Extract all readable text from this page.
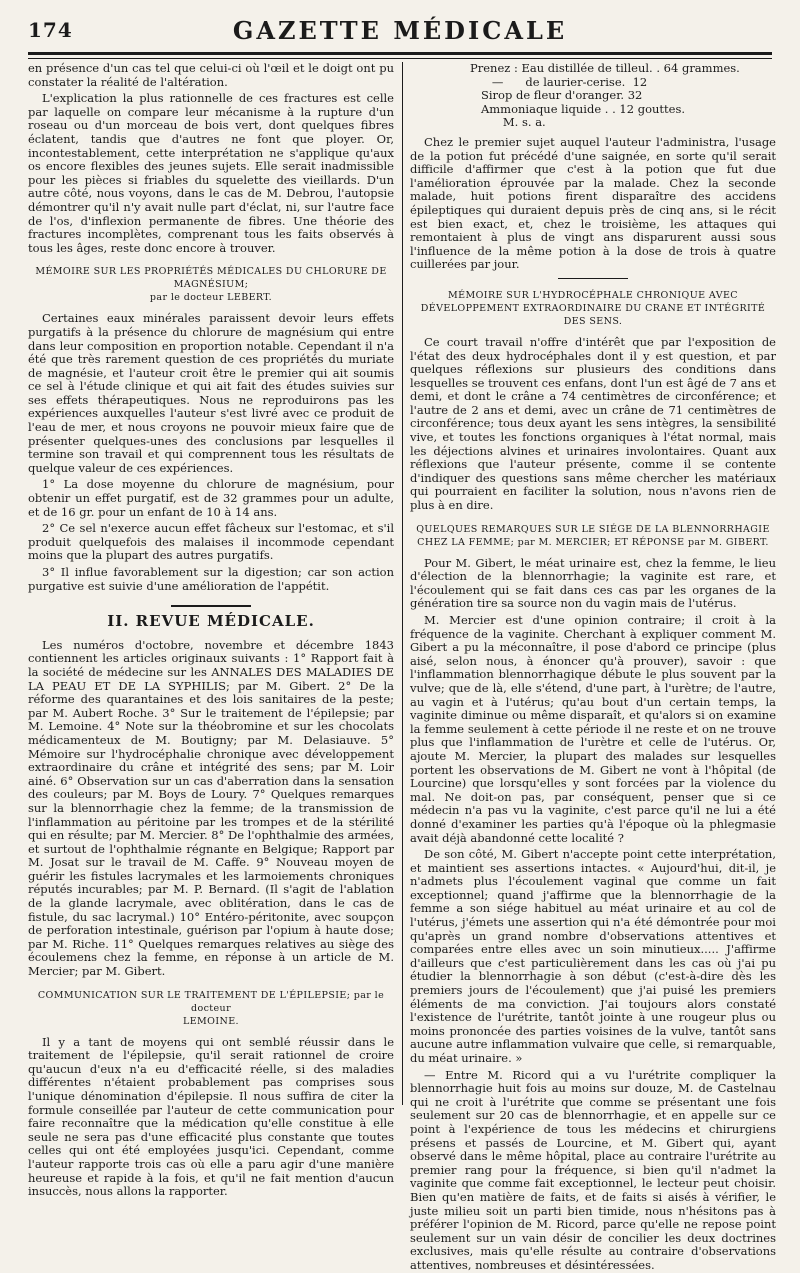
174	GAZETTE MÉDICALE

en présence d'un cas tel que celui-ci où l'œil et le doigt ont pu constater la réalité de l'altération.

L'explication la plus rationnelle de ces fractures est celle par laquelle on compare leur mécanisme à la rupture d'un roseau ou d'un morceau de bois vert, dont quelques fibres éclatent, tandis que d'autres ne font que ployer. Or, incontestablement, cette interprétation ne s'applique qu'aux os encore flexibles des jeunes sujets. Elle serait inadmissible pour les pièces si friables du squelette des vieillards. D'un autre côté, nous voyons, dans le cas de M. Debrou, l'autopsie démontrer qu'il n'y avait nulle part d'éclat, ni, sur l'autre face de l'os, d'inflexion permanente de fibres. Une théorie des fractures incomplètes, comprenant tous les faits observés à tous les âges, reste donc encore à trouver.

MÉMOIRE SUR LES PROPRIÉTÉS MÉDICALES DU CHLORURE DE MAGNÉSIUM;
par le docteur LEBERT.

Certaines eaux minérales paraissent devoir leurs effets purgatifs à la présence du chlorure de magnésium qui entre dans leur composition en proportion notable. Cependant il n'a été que très rarement question de ces propriétés du muriate de magnésie, et l'auteur croit être le premier qui ait soumis ce sel à l'étude clinique et qui ait fait des études suivies sur ses effets thérapeutiques. Nous ne reproduirons pas les expériences auxquelles l'auteur s'est livré avec ce produit de l'eau de mer, et nous croyons ne pouvoir mieux faire que de présenter quelques-unes des conclusions par lesquelles il termine son travail et qui comprennent tous les résultats de quelque valeur de ces expériences.

1° La dose moyenne du chlorure de magnésium, pour obtenir un effet purgatif, est de 32 grammes pour un adulte, et de 16 gr. pour un enfant de 10 à 14 ans.

2° Ce sel n'exerce aucun effet fâcheux sur l'estomac, et s'il produit quelquefois des malaises il incommode cependant moins que la plupart des autres purgatifs.

3° Il influe favorablement sur la digestion; car son action purgative est suivie d'une amélioration de l'appétit.

II. REVUE MÉDICALE.

Les numéros d'octobre, novembre et décembre 1843 contiennent les articles originaux suivants : 1° Rapport fait à la société de médecine sur les ANNALES DES MALADIES DE LA PEAU ET DE LA SYPHILIS; par M. Gibert. 2° De la réforme des quarantaines et des lois sanitaires de la peste; par M. Aubert Roche. 3° Sur le traitement de l'épilepsie; par M. Lemoine. 4° Note sur la théobromine et sur les chocolats médicamenteux de M. Boutigny; par M. Delasiauve. 5° Mémoire sur l'hydrocéphalie chronique avec développement extraordinaire du crâne et intégrité des sens; par M. Loir ainé. 6° Observation sur un cas d'aberration dans la sensation des couleurs; par M. Boys de Loury. 7° Quelques remarques sur la blennorrhagie chez la femme; de la transmission de l'inflammation au péritoine par les trompes et de la stérilité qui en résulte; par M. Mercier. 8° De l'ophthalmie des armées, et surtout de l'ophthalmie régnante en Belgique; Rapport par M. Josat sur le travail de M. Caffe. 9° Nouveau moyen de guérir les fistules lacrymales et les larmoiements chroniques réputés incurables; par M. P. Bernard. (Il s'agit de l'ablation de la glande lacrymale, avec oblitération, dans le cas de fistule, du sac lacrymal.) 10° Entéro-péritonite, avec soupçon de perforation intestinale, guérison par l'opium à haute dose; par M. Riche. 11° Quelques remarques relatives au siège des écoulemens chez la femme, en réponse à un article de M. Mercier; par M. Gibert.

COMMUNICATION SUR LE TRAITEMENT DE L'ÉPILEPSIE; par le docteur
LEMOINE.

Il y a tant de moyens qui ont semblé réussir dans le traitement de l'épilepsie, qu'il serait rationnel de croire qu'aucun d'eux n'a eu d'efficacité réelle, si des maladies différentes n'étaient probablement pas comprises sous l'unique dénomination d'épilepsie. Il nous suffira de citer la formule conseillée par l'auteur de cette communication pour faire reconnaître que la médication qu'elle constitue à elle seule ne sera pas d'une efficacité plus constante que toutes celles qui ont été employées jusqu'ici. Cependant, comme l'auteur rapporte trois cas où elle a paru agir d'une manière heureuse et rapide à la fois, et qu'il ne fait mention d'aucun insuccès, nous allons la rapporter.

Prenez : Eau distillée de tilleul. . 64 grammes.
—      de laurier-cerise.  12
Sirop de fleur d'oranger. 32
Ammoniaque liquide . . 12 gouttes.
M. s. a.

Chez le premier sujet auquel l'auteur l'administra, l'usage de la potion fut précédé d'une saignée, en sorte qu'il serait difficile d'affirmer que c'est à la potion que fut due l'amélioration éprouvée par la malade. Chez la seconde malade, huit potions firent disparaître des accidens épileptiques qui duraient depuis près de cinq ans, si le récit est bien exact, et, chez le troisième, les attaques qui remontaient à plus de vingt ans disparurent aussi sous l'influence de la même potion à la dose de trois à quatre cuillerées par jour.

MÉMOIRE SUR L'HYDROCÉPHALE CHRONIQUE AVEC DÉVELOPPEMENT EXTRAORDINAIRE DU CRANE ET INTÉGRITÉ DES SENS.

Ce court travail n'offre d'intérêt que par l'exposition de l'état des deux hydrocéphales dont il y est question, et par quelques réflexions sur plusieurs des conditions dans lesquelles se trouvent ces enfans, dont l'un est âgé de 7 ans et demi, et dont le crâne a 74 centimètres de circonférence; et l'autre de 2 ans et demi, avec un crâne de 71 centimètres de circonférence; tous deux ayant les sens intègres, la sensibilité vive, et toutes les fonctions organiques à l'état normal, mais les déjections alvines et urinaires involontaires. Quant aux réflexions que l'auteur présente, comme il se contente d'indiquer des questions sans même chercher les matériaux qui pourraient en faciliter la solution, nous n'avons rien de plus à en dire.

QUELQUES REMARQUES SUR LE SIÉGE DE LA BLENNORRHAGIE CHEZ LA FEMME; par M. MERCIER; ET RÉPONSE par M. GIBERT.

Pour M. Gibert, le méat urinaire est, chez la femme, le lieu d'élection de la blennorrhagie; la vaginite est rare, et l'écoulement qui se fait dans ces cas par les organes de la génération tire sa source non du vagin mais de l'utérus.

M. Mercier est d'une opinion contraire; il croit à la fréquence de la vaginite. Cherchant à expliquer comment M. Gibert a pu la méconnaître, il pose d'abord ce principe (plus aisé, selon nous, à énoncer qu'à prouver), savoir : que l'inflammation blennorrhagique débute le plus souvent par la vulve; que de là, elle s'étend, d'une part, à l'urètre; de l'autre, au vagin et à l'utérus; qu'au bout d'un certain temps, la vaginite diminue ou même disparaît, et qu'alors si on examine la femme seulement à cette période il ne reste et on ne trouve plus que l'inflammation de l'urètre et celle de l'utérus. Or, ajoute M. Mercier, la plupart des malades sur lesquelles portent les observations de M. Gibert ne vont à l'hôpital (de Lourcine) que lorsqu'elles y sont forcées par la violence du mal. Ne doit-on pas, par conséquent, penser que si ce médecin n'a pas vu la vaginite, c'est parce qu'il ne lui a été donné d'examiner les parties qu'à l'époque où la phlegmasie avait déjà abandonné cette localité ?

De son côté, M. Gibert n'accepte point cette interprétation, et maintient ses assertions intactes. « Aujourd'hui, dit-il, je n'admets plus l'écoulement vaginal que comme un fait exceptionnel; quand j'affirme que la blennorrhagie de la femme a son siége habituel au méat urinaire et au col de l'utérus, j'émets une assertion qui n'a été démontrée pour moi qu'après un grand nombre d'observations attentives et comparées entre elles avec un soin minutieux..... J'affirme d'ailleurs que c'est particulièrement dans les cas où j'ai pu étudier la blennorrhagie à son début (c'est-à-dire dès les premiers jours de l'écoulement) que j'ai puisé les premiers éléments de ma conviction. J'ai toujours alors constaté l'existence de l'urétrite, tantôt jointe à une rougeur plus ou moins prononcée des parties voisines de la vulve, tantôt sans aucune autre inflammation vulvaire que celle, si remarquable, du méat urinaire. »

— Entre M. Ricord qui a vu l'urétrite compliquer la blennorrhagie huit fois au moins sur douze, M. de Castelnau qui ne croit à l'urétrite que comme se présentant une fois seulement sur 20 cas de blennorrhagie, et en appelle sur ce point à l'expérience de tous les médecins et chirurgiens présens et passés de Lourcine, et M. Gibert qui, ayant observé dans le même hôpital, place au contraire l'urétrite au premier rang pour la fréquence, si bien qu'il n'admet la vaginite que comme fait exceptionnel, le lecteur peut choisir. Bien qu'en matière de faits, et de faits si aisés à vérifier, le juste milieu soit un parti bien timide, nous n'hésitons pas à préférer l'opinion de M. Ricord, parce qu'elle ne repose point seulement sur un vain désir de concilier les deux doctrines exclusives, mais qu'elle résulte au contraire d'observations attentives, nombreuses et désintéressées.
